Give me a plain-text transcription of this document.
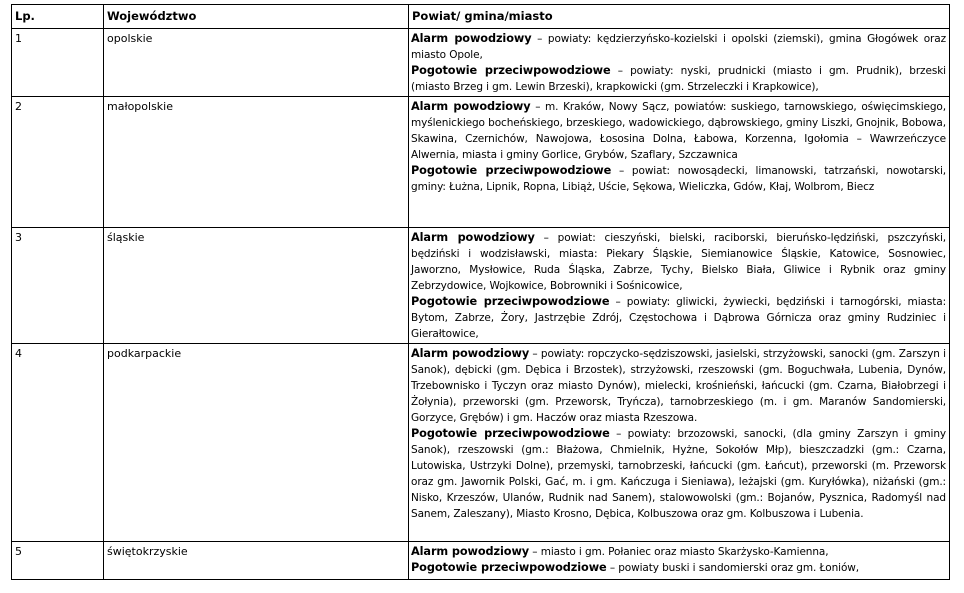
Lp.	Województwo	Powiat/ gmina/miasto
1	opolskie	Alarm powodziowy – powiaty: kędzierzyńsko-kozielski i opolski (ziemski), gmina Głogówek oraz miasto Opole,

Pogotowie przeciwpowodziowe – powiaty: nyski, prudnicki (miasto i gm. Prudnik), brzeski (miasto Brzeg i gm. Lewin Brzeski), krapkowicki (gm. Strzeleczki i Krapkowice),

2	małopolskie	Alarm powodziowy – m. Kraków, Nowy Sącz, powiatów: suskiego, tarnowskiego, oświęcimskiego, myślenickiego bocheńskiego, brzeskiego, wadowickiego, dąbrowskiego, gminy Liszki, Gnojnik, Bobowa, Skawina, Czernichów, Nawojowa, Łososina Dolna, Łabowa, Korzenna, Igołomia – Wawrzeńczyce Alwernia, miasta i gminy Gorlice, Grybów, Szaflary, Szczawnica

Pogotowie przeciwpowodziowe – powiat: nowosądecki, limanowski, tatrzański, nowotarski, gminy: Łużna, Lipnik, Ropna, Libiąż, Uście, Sękowa, Wieliczka, Gdów, Kłaj, Wolbrom, Biecz

3	śląskie	Alarm powodziowy – powiat: cieszyński, bielski, raciborski, bieruńsko-lędziński, pszczyński, będziński i wodzisławski, miasta: Piekary Śląskie, Siemianowice Śląskie, Katowice, Sosnowiec, Jaworzno, Mysłowice, Ruda Śląska, Zabrze, Tychy, Bielsko Biała, Gliwice i Rybnik oraz gminy Zebrzydowice, Wojkowice, Bobrowniki i Sośnicowice,

Pogotowie przeciwpowodziowe – powiaty: gliwicki, żywiecki, będziński i tarnogórski, miasta: Bytom, Zabrze, Żory, Jastrzębie Zdrój, Częstochowa i Dąbrowa Górnicza oraz gminy Rudziniec i Gierałtowice,

4	podkarpackie	Alarm powodziowy – powiaty: ropczycko-sędziszowski, jasielski, strzyżowski, sanocki (gm. Zarszyn i Sanok), dębicki (gm. Dębica i Brzostek), strzyżowski, rzeszowski (gm. Boguchwała, Lubenia, Dynów, Trzebownisko i Tyczyn oraz miasto Dynów), mielecki, krośnieński, łańcucki (gm. Czarna, Białobrzegi i Żołynia), przeworski (gm. Przeworsk, Tryńcza), tarnobrzeskiego (m. i gm. Maranów Sandomierski, Gorzyce, Grębów) i gm. Haczów oraz miasta Rzeszowa.

Pogotowie przeciwpowodziowe – powiaty: brzozowski, sanocki, (dla gminy Zarszyn i gminy Sanok), rzeszowski (gm.: Błażowa, Chmielnik, Hyżne, Sokołów Młp), bieszczadzki (gm.: Czarna, Lutowiska, Ustrzyki Dolne), przemyski, tarnobrzeski, łańcucki (gm. Łańcut), przeworski (m. Przeworsk oraz gm. Jawornik Polski, Gać, m. i gm. Kańczuga i Sieniawa), leżajski (gm. Kuryłówka), niżański (gm.: Nisko, Krzeszów, Ulanów, Rudnik nad Sanem), stalowowolski (gm.: Bojanów, Pysznica, Radomyśl nad Sanem, Zaleszany), Miasto Krosno, Dębica, Kolbuszowa oraz gm. Kolbuszowa i Lubenia.

5	świętokrzyskie	Alarm powodziowy – miasto i gm. Połaniec oraz miasto Skarżysko-Kamienna,

Pogotowie przeciwpowodziowe – powiaty buski i sandomierski oraz gm. Łoniów,
